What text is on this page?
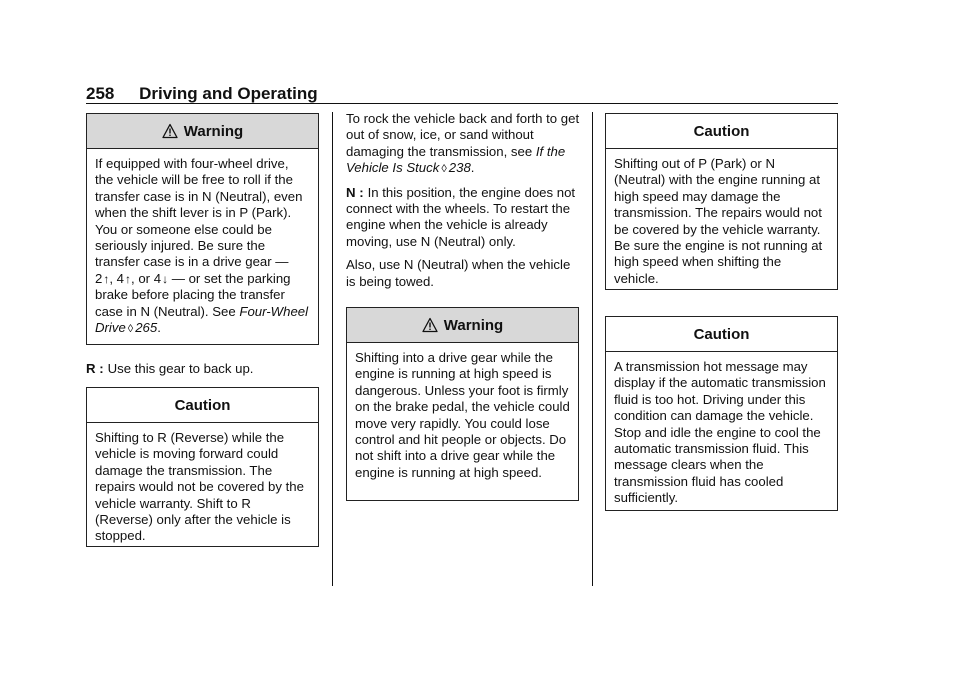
258 Driving and Operating
Warning
If equipped with four-wheel drive, the vehicle will be free to roll if the transfer case is in N (Neutral), even when the shift lever is in P (Park). You or someone else could be seriously injured. Be sure the transfer case is in a drive gear — 2↑, 4↑, or 4↓ — or set the parking brake before placing the transfer case in N (Neutral). See Four-Wheel Drive ◊ 265.
R : Use this gear to back up.
Caution
Shifting to R (Reverse) while the vehicle is moving forward could damage the transmission. The repairs would not be covered by the vehicle warranty. Shift to R (Reverse) only after the vehicle is stopped.

To rock the vehicle back and forth to get out of snow, ice, or sand without damaging the transmission, see If the Vehicle Is Stuck ◊ 238.

N : In this position, the engine does not connect with the wheels. To restart the engine when the vehicle is already moving, use N (Neutral) only.

Also, use N (Neutral) when the vehicle is being towed.

Warning
Shifting into a drive gear while the engine is running at high speed is dangerous. Unless your foot is firmly on the brake pedal, the vehicle could move very rapidly. You could lose control and hit people or objects. Do not shift into a drive gear while the engine is running at high speed.
Caution
Shifting out of P (Park) or N (Neutral) with the engine running at high speed may damage the transmission. The repairs would not be covered by the vehicle warranty. Be sure the engine is not running at high speed when shifting the vehicle.
Caution
A transmission hot message may display if the automatic transmission fluid is too hot. Driving under this condition can damage the vehicle. Stop and idle the engine to cool the automatic transmission fluid. This message clears when the transmission fluid has cooled sufficiently.
